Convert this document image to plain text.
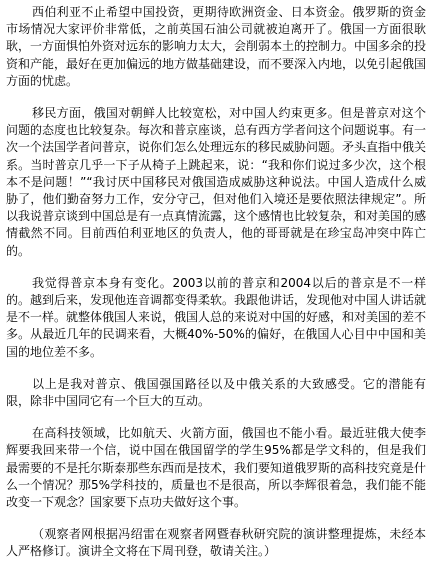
西伯利亚不止希望中国投资，更期待欧洲资金、日本资金。俄罗斯的资金市场情况大家评价非常低，之前英国石油公司就被迫离开了。俄国一方面很耿耿，一方面惧怕外资对远东的影响力太大，会削弱本土的控制力。中国多余的投资和产能，最好在更加偏远的地方做基础建设，而不要深入内地，以免引起俄国方面的忧虑。

移民方面，俄国对朝鲜人比较宽松，对中国人约束更多。但是普京对这个问题的态度也比较复杂。每次和普京座谈，总有西方学者问这个问题说事。有一次一个法国学者问普京，说你们怎么处理远东的移民威胁问题。矛头直指中俄关系。当时普京几乎一下子从椅子上跳起来，说：“我和你们说过多少次，这个根本不是问题！”“我讨厌中国移民对俄国造成威胁这种说法。中国人造成什么威胁了，他们勤奋努力工作，安分守己，但对他们入境还是要依照法律规定”。所以我说普京谈到中国总是有一点真情流露，这个感情也比较复杂，和对美国的感情截然不同。目前西伯利亚地区的负责人，他的哥哥就是在珍宝岛冲突中阵亡的。

我觉得普京本身有变化。2003以前的普京和2004以后的普京是不一样的。越到后来，发现他连音调都变得柔软。我跟他讲话，发现他对中国人讲话就是不一样。就整体俄国人来说，俄国人总的来说对中国的好感，和对美国的差不多。从最近几年的民调来看，大概40%-50%的偏好，在俄国人心目中中国和美国的地位差不多。

以上是我对普京、俄国强国路径以及中俄关系的大致感受。它的潜能有限，除非中国同它有一个巨大的互动。

在高科技领域，比如航天、火箭方面，俄国也不能小看。最近驻俄大使李辉要我回来带一个信，说中国在俄国留学的学生95%都是学文科的，但是我们最需要的不是托尔斯泰那些东西而是技术，我们要知道俄罗斯的高科技究竟是什么一个情况？那5%学科技的，质量也不是很高，所以李辉很着急，我们能不能改变一下观念？国家要下点功夫做好这个事。

（观察者网根据冯绍雷在观察者网暨春秋研究院的演讲整理提炼，未经本人严格修订。演讲全文将在下周刊登，敬请关注。）
